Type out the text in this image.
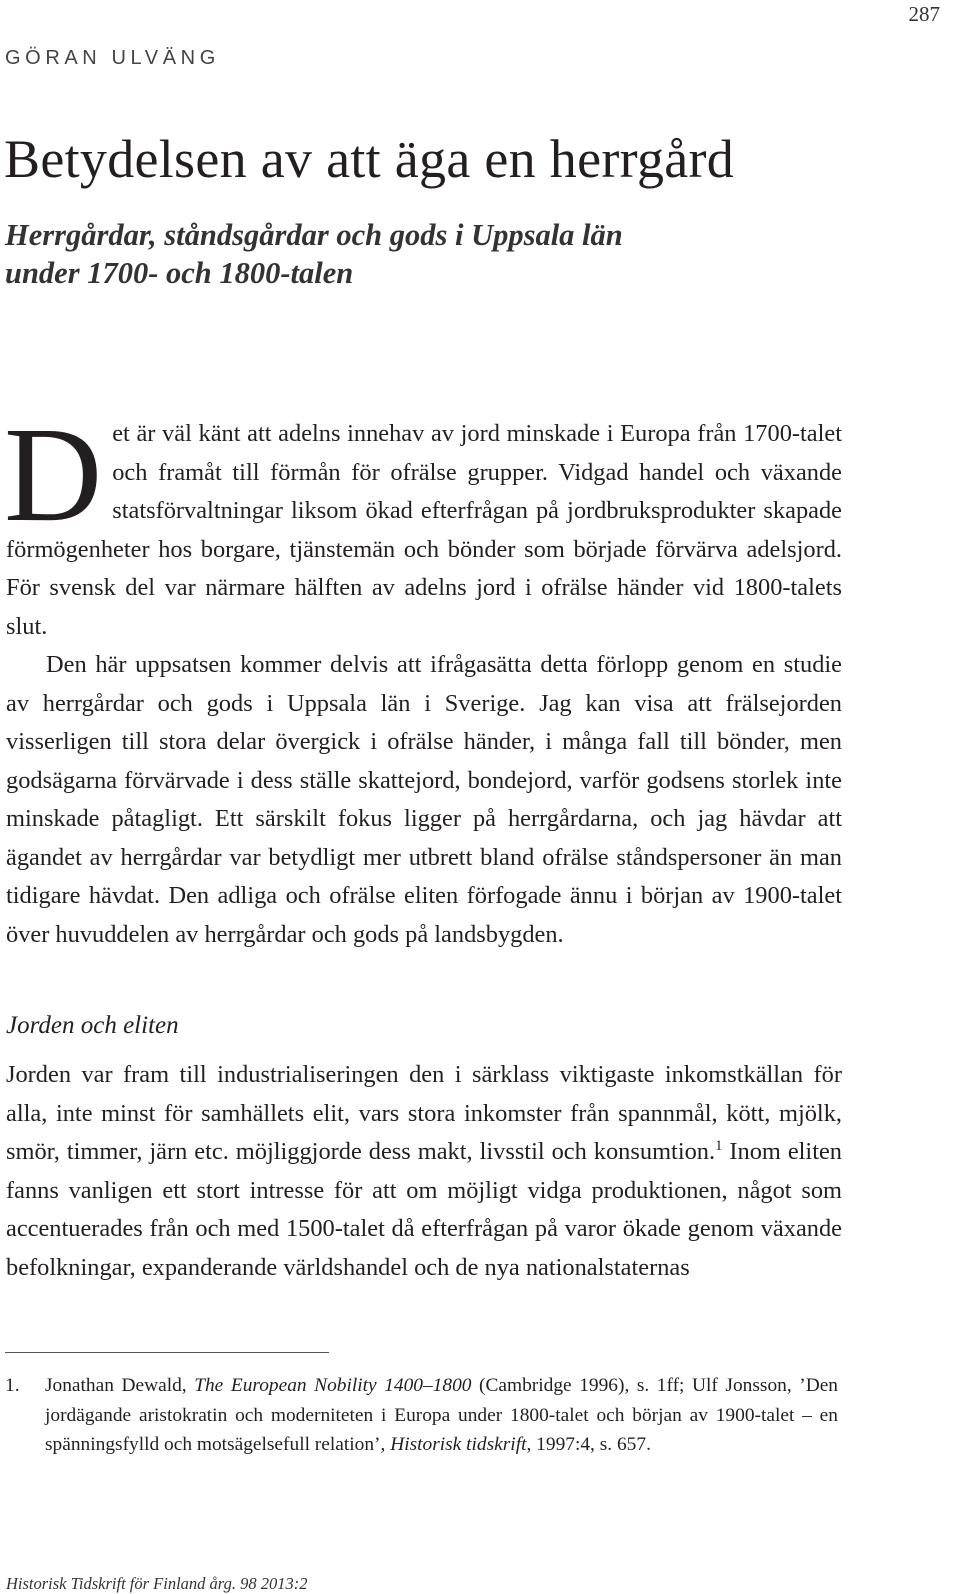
287
GÖRAN ULVÄNG
Betydelsen av att äga en herrgård
Herrgårdar, ståndsgårdar och gods i Uppsala län
under 1700- och 1800-talen

Det är väl känt att adelns innehav av jord minskade i Europa från 1700-talet och framåt till förmån för ofrälse grupper. Vidgad handel och växande statsförvaltningar liksom ökad efterfrågan på jordbruksprodukter skapade förmögenheter hos borgare, tjänstemän och bönder som började förvärva adelsjord. För svensk del var närmare hälften av adelns jord i ofrälse händer vid 1800-talets slut.

Den här uppsatsen kommer delvis att ifrågasätta detta förlopp genom en studie av herrgårdar och gods i Uppsala län i Sverige. Jag kan visa att frälsejorden visserligen till stora delar övergick i ofrälse händer, i många fall till bönder, men godsägarna förvärvade i dess ställe skattejord, bondejord, varför godsens storlek inte minskade påtagligt. Ett särskilt fokus ligger på herrgårdarna, och jag hävdar att ägandet av herrgårdar var betydligt mer utbrett bland ofrälse ståndspersoner än man tidigare hävdat. Den adliga och ofrälse eliten förfogade ännu i början av 1900-talet över huvuddelen av herrgårdar och gods på landsbygden.

Jorden och eliten

Jorden var fram till industrialiseringen den i särklass viktigaste inkomstkällan för alla, inte minst för samhällets elit, vars stora inkomster från spannmål, kött, mjölk, smör, timmer, järn etc. möjliggjorde dess makt, livsstil och konsumtion.$^1$ Inom eliten fanns vanligen ett stort intresse för att om möjligt vidga produktionen, något som accentuerades från och med 1500-talet då efterfrågan på varor ökade genom växande befolkningar, expanderande världshandel och de nya nationalstaternas

1. Jonathan Dewald, The European Nobility 1400–1800 (Cambridge 1996), s. 1ff; Ulf Jonsson, ’Den jordägande aristokratin och moderniteten i Europa under 1800-talet och början av 1900-talet – en spänningsfylld och motsägelsefull relation’, Historisk tidskrift, 1997:4, s. 657.
Historisk Tidskrift för Finland årg. 98 2013:2
